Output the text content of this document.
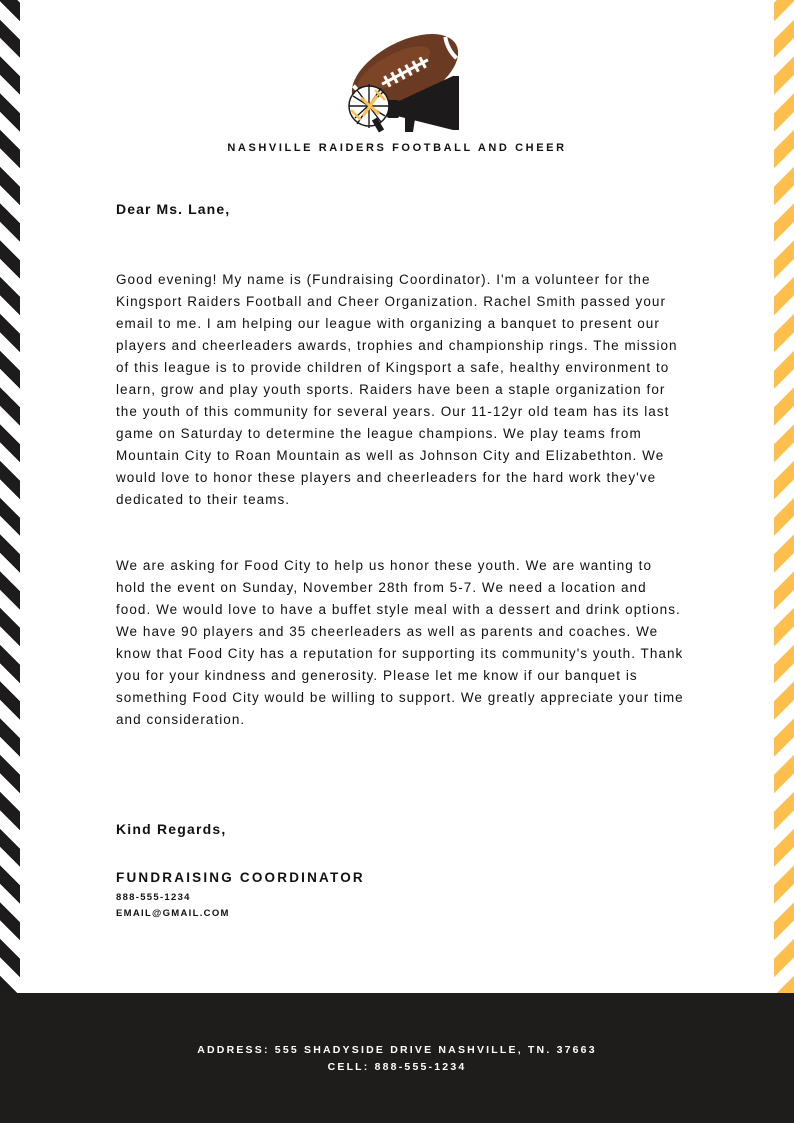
NASHVILLE RAIDERS FOOTBALL AND CHEER
Dear Ms. Lane,

Good evening! My name is (Fundraising Coordinator). I'm a volunteer for the Kingsport Raiders Football and Cheer Organization. Rachel Smith passed your email to me. I am helping our league with organizing a banquet to present our players and cheerleaders awards, trophies and championship rings. The mission of this league is to provide children of Kingsport a safe, healthy environment to learn, grow and play youth sports. Raiders have been a staple organization for the youth of this community for several years. Our 11-12yr old team has its last game on Saturday to determine the league champions. We play teams from Mountain City to Roan Mountain as well as Johnson City and Elizabethton. We would love to honor these players and cheerleaders for the hard work they've dedicated to their teams.

We are asking for Food City to help us honor these youth. We are wanting to hold the event on Sunday, November 28th from 5-7. We need a location and food. We would love to have a buffet style meal with a dessert and drink options. We have 90 players and 35 cheerleaders as well as parents and coaches. We know that Food City has a reputation for supporting its community's youth. Thank you for your kindness and generosity. Please let me know if our banquet is something Food City would be willing to support. We greatly appreciate your time and consideration.

Kind Regards,
FUNDRAISING COORDINATOR
888-555-1234
EMAIL@GMAIL.COM
ADDRESS: 555 SHADYSIDE DRIVE NASHVILLE, TN. 37663
CELL: 888-555-1234
